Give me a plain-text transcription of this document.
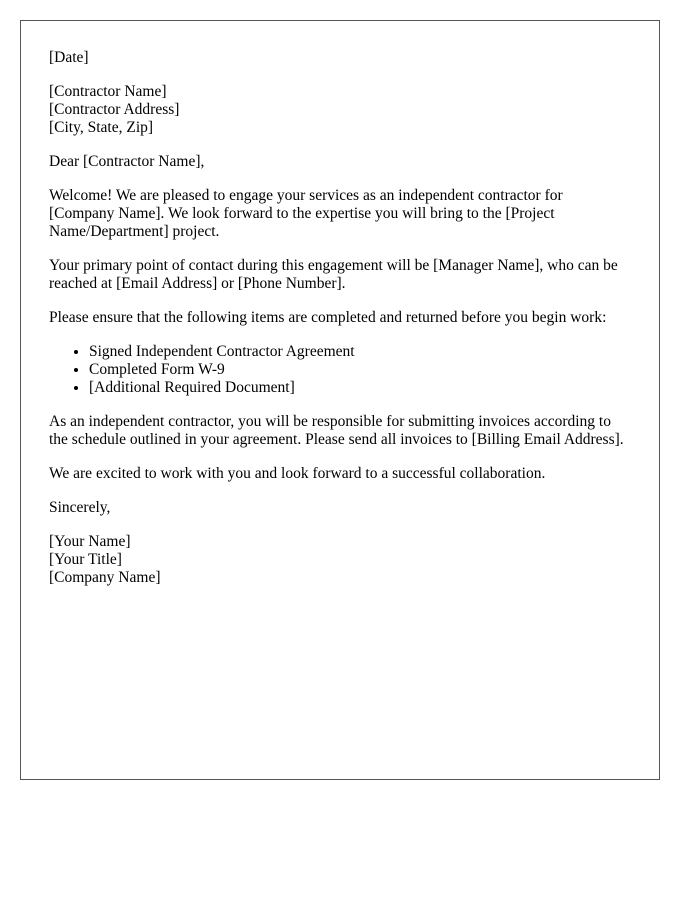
[Date]

[Contractor Name]
[Contractor Address]
[City, State, Zip]

Dear [Contractor Name],

Welcome! We are pleased to engage your services as an independent contractor for [Company Name]. We look forward to the expertise you will bring to the [Project Name/Department] project.

Your primary point of contact during this engagement will be [Manager Name], who can be reached at [Email Address] or [Phone Number].

Please ensure that the following items are completed and returned before you begin work:

• Signed Independent Contractor Agreement
• Completed Form W-9
• [Additional Required Document]

As an independent contractor, you will be responsible for submitting invoices according to the schedule outlined in your agreement. Please send all invoices to [Billing Email Address].

We are excited to work with you and look forward to a successful collaboration.

Sincerely,

[Your Name]
[Your Title]
[Company Name]
